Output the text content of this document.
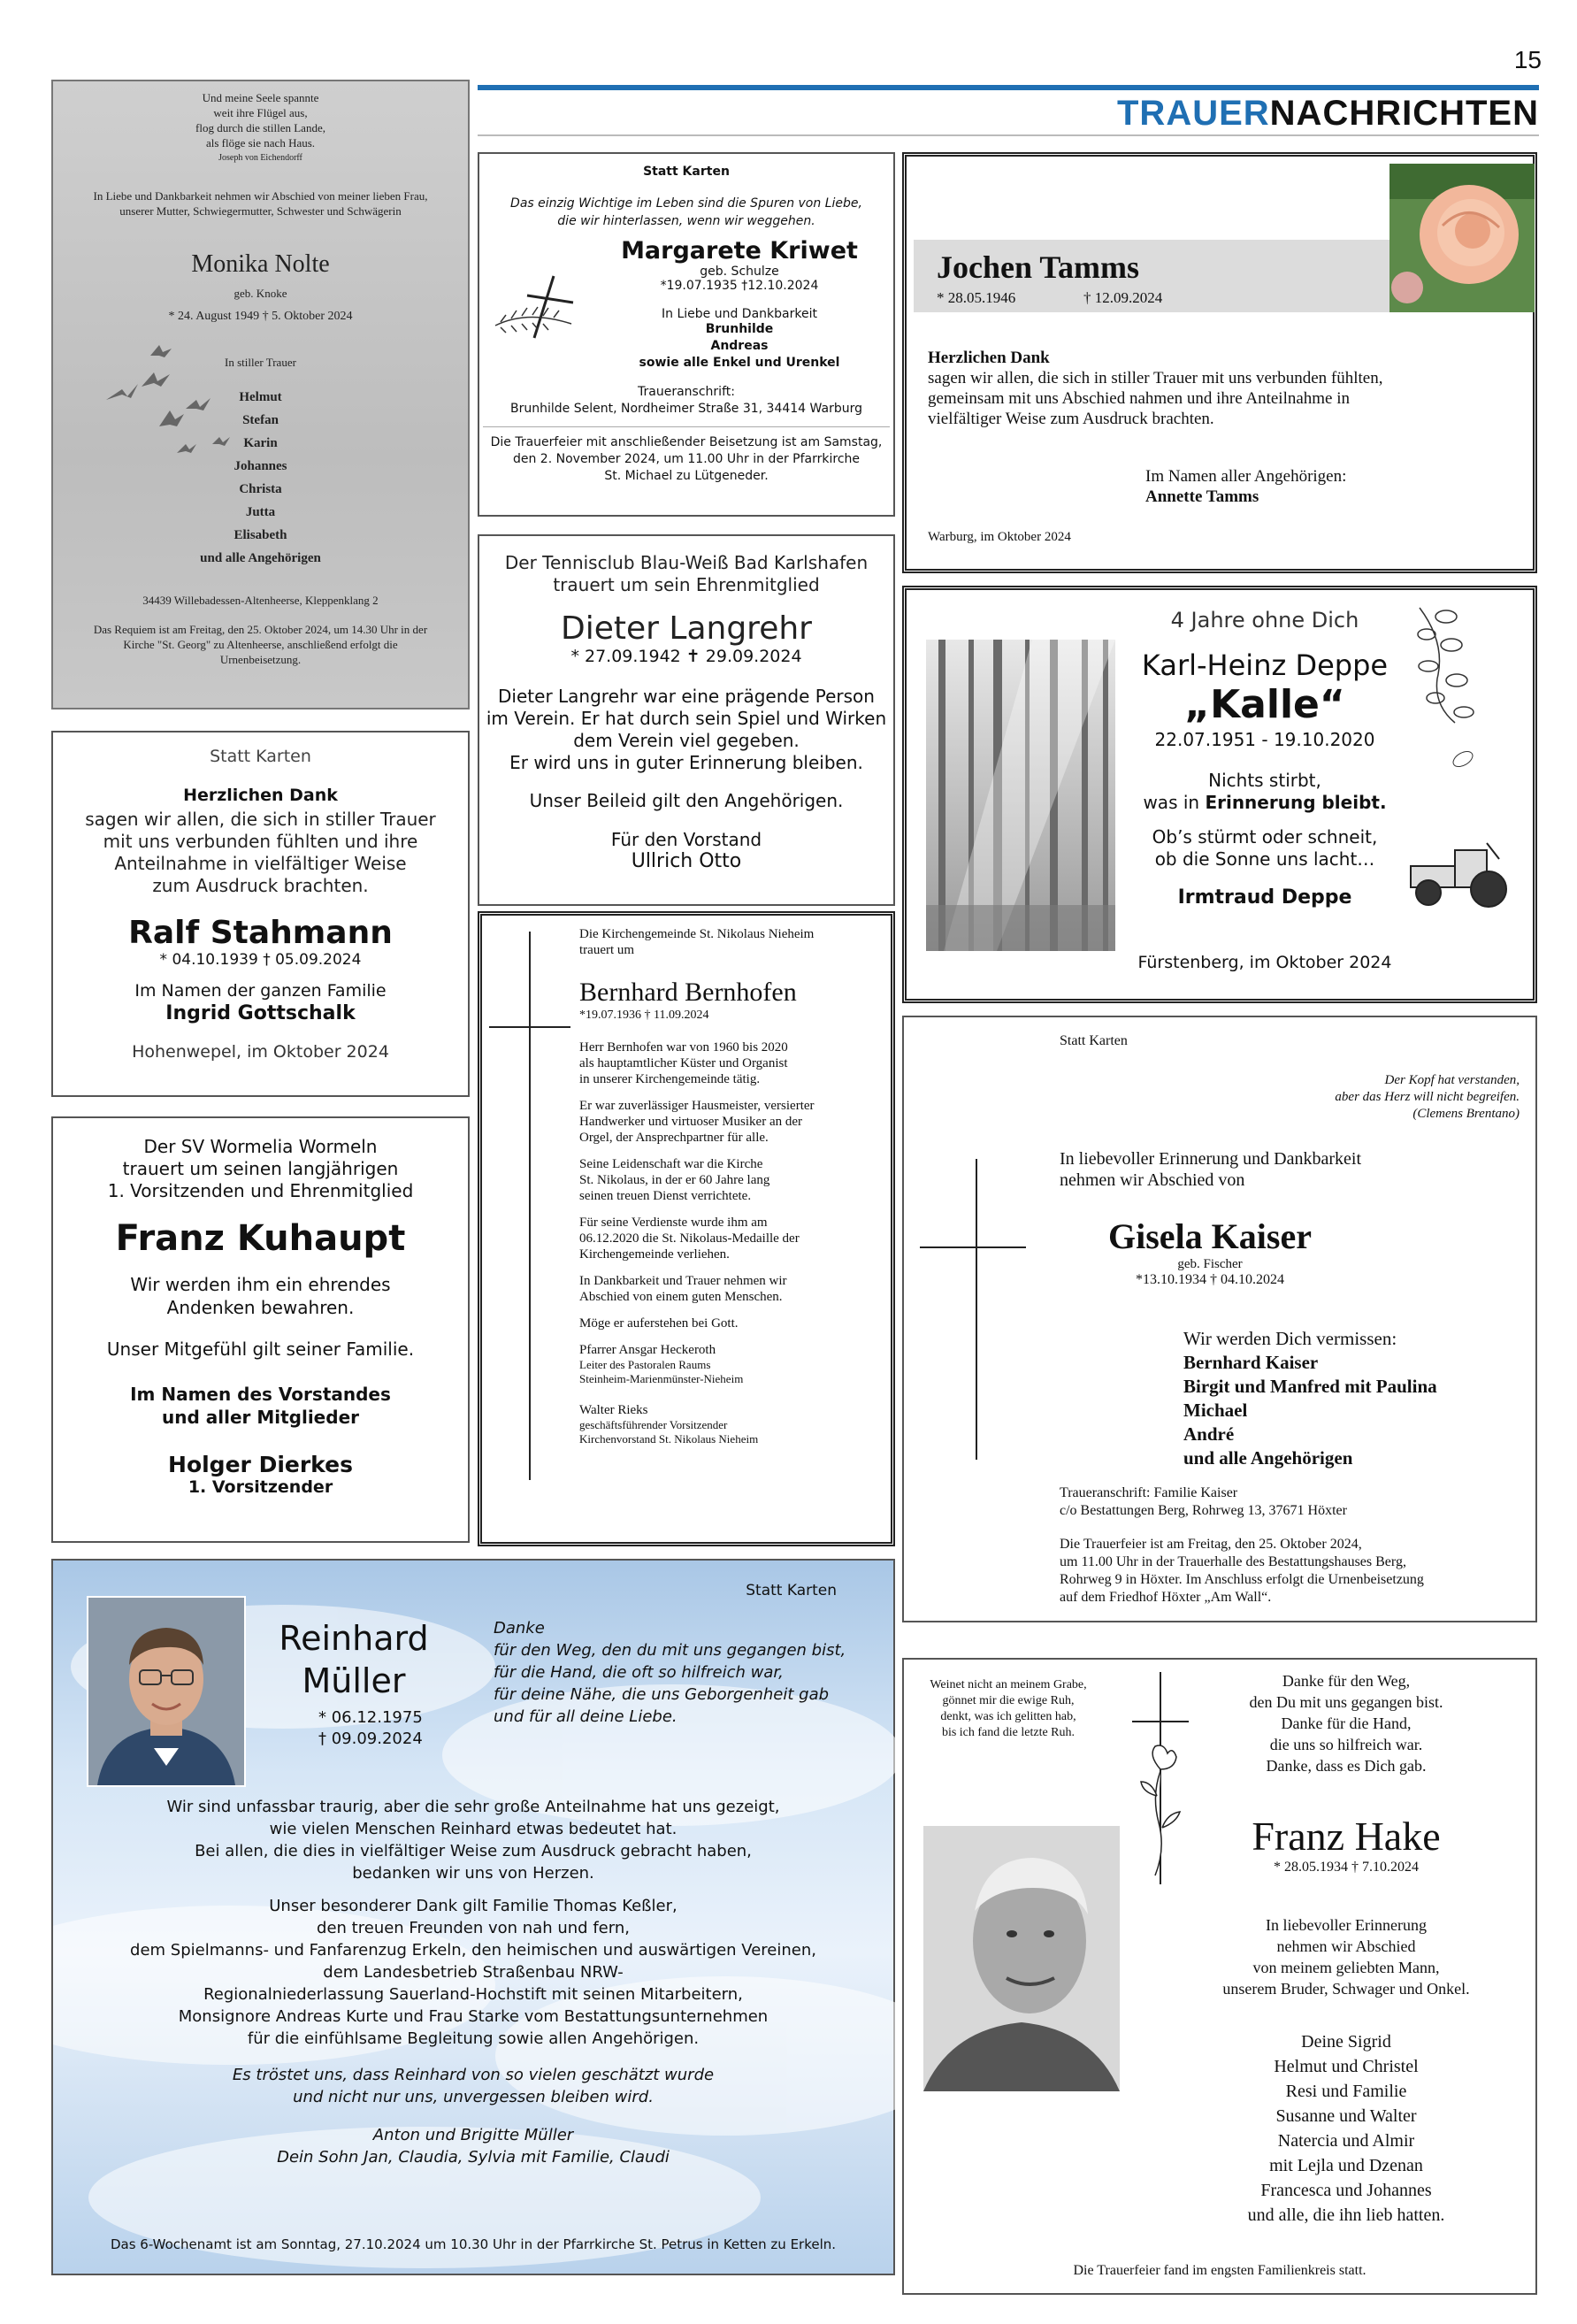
15
TRAUERNACHRICHTEN
Und meine Seele spannte
weit ihre Flügel aus,
flog durch die stillen Lande,
als flöge sie nach Haus.
Joseph von Eichendorff
In Liebe und Dankbarkeit nehmen wir Abschied von meiner lieben Frau,
unserer Mutter, Schwiegermutter, Schwester und Schwägerin
Monika Nolte
geb. Knoke
* 24. August 1949 † 5. Oktober 2024
In stiller Trauer
Helmut
Stefan
Karin
Johannes
Christa
Jutta
Elisabeth
und alle Angehörigen
34439 Willebadessen-Altenheerse, Kleppenklang 2
Das Requiem ist am Freitag, den 25. Oktober 2024, um 14.30 Uhr in der
Kirche "St. Georg" zu Altenheerse, anschließend erfolgt die
Urnenbeisetzung.
Statt Karten
Herzlichen Dank
sagen wir allen, die sich in stiller Trauer
mit uns verbunden fühlten und ihre
Anteilnahme in vielfältiger Weise
zum Ausdruck brachten.
Ralf Stahmann
* 04.10.1939 † 05.09.2024
Im Namen der ganzen Familie
Ingrid Gottschalk
Hohenwepel, im Oktober 2024
Der SV Wormelia Wormeln
trauert um seinen langjährigen
1. Vorsitzenden und Ehrenmitglied
Franz Kuhaupt
Wir werden ihm ein ehrendes
Andenken bewahren.
Unser Mitgefühl gilt seiner Familie.
Im Namen des Vorstandes
und aller Mitglieder
Holger Dierkes
1. Vorsitzender
Statt Karten
Das einzig Wichtige im Leben sind die Spuren von Liebe,
die wir hinterlassen, wenn wir weggehen.
Margarete Kriwet
geb. Schulze
*19.07.1935 †12.10.2024
In Liebe und Dankbarkeit
Brunhilde
Andreas
sowie alle Enkel und Urenkel
Traueranschrift:
Brunhilde Selent, Nordheimer Straße 31, 34414 Warburg
Die Trauerfeier mit anschließender Beisetzung ist am Samstag,
den 2. November 2024, um 11.00 Uhr in der Pfarrkirche
St. Michael zu Lütgeneder.
Der Tennisclub Blau-Weiß Bad Karlshafen
trauert um sein Ehrenmitglied
Dieter Langrehr
* 27.09.1942 ✝ 29.09.2024
Dieter Langrehr war eine prägende Person
im Verein. Er hat durch sein Spiel und Wirken
dem Verein viel gegeben.
Er wird uns in guter Erinnerung bleiben.
Unser Beileid gilt den Angehörigen.
Für den Vorstand
Ullrich Otto
Die Kirchengemeinde St. Nikolaus Nieheim
trauert um
Bernhard Bernhofen
*19.07.1936 † 11.09.2024
Herr Bernhofen war von 1960 bis 2020
als hauptamtlicher Küster und Organist
in unserer Kirchengemeinde tätig.
Er war zuverlässiger Hausmeister, versierter
Handwerker und virtuoser Musiker an der
Orgel, der Ansprechpartner für alle.
Seine Leidenschaft war die Kirche
St. Nikolaus, in der er 60 Jahre lang
seinen treuen Dienst verrichtete.
Für seine Verdienste wurde ihm am
06.12.2020 die St. Nikolaus-Medaille der
Kirchengemeinde verliehen.
In Dankbarkeit und Trauer nehmen wir
Abschied von einem guten Menschen.
Möge er auferstehen bei Gott.
Pfarrer Ansgar Heckeroth
Leiter des Pastoralen Raums
Steinheim-Marienmünster-Nieheim
Walter Rieks
geschäftsführender Vorsitzender
Kirchenvorstand St. Nikolaus Nieheim
Jochen Tamms
* 28.05.1946	† 12.09.2024
Herzlichen Dank
sagen wir allen, die sich in stiller Trauer mit uns verbunden fühlten,
gemeinsam mit uns Abschied nahmen und ihre Anteilnahme in
vielfältiger Weise zum Ausdruck brachten.
Im Namen aller Angehörigen:
Annette Tamms
Warburg, im Oktober 2024
4 Jahre ohne Dich
Karl-Heinz Deppe
„Kalle“
22.07.1951 - 19.10.2020
Nichts stirbt,
was in Erinnerung bleibt.
Ob’s stürmt oder schneit,
ob die Sonne uns lacht…
Irmtraud Deppe
Fürstenberg, im Oktober 2024
Statt Karten
Der Kopf hat verstanden,
aber das Herz will nicht begreifen.
(Clemens Brentano)
In liebevoller Erinnerung und Dankbarkeit
nehmen wir Abschied von
Gisela Kaiser
geb. Fischer
*13.10.1934 † 04.10.2024
Wir werden Dich vermissen:
Bernhard Kaiser
Birgit und Manfred mit Paulina
Michael
André
und alle Angehörigen
Traueranschrift: Familie Kaiser
c/o Bestattungen Berg, Rohrweg 13, 37671 Höxter
Die Trauerfeier ist am Freitag, den 25. Oktober 2024,
um 11.00 Uhr in der Trauerhalle des Bestattungshauses Berg,
Rohrweg 9 in Höxter. Im Anschluss erfolgt die Urnenbeisetzung
auf dem Friedhof Höxter „Am Wall“.
Statt Karten
Reinhard
Müller
* 06.12.1975
† 09.09.2024
Danke
für den Weg, den du mit uns gegangen bist,
für die Hand, die oft so hilfreich war,
für deine Nähe, die uns Geborgenheit gab
und für all deine Liebe.
Wir sind unfassbar traurig, aber die sehr große Anteilnahme hat uns gezeigt,
wie vielen Menschen Reinhard etwas bedeutet hat.
Bei allen, die dies in vielfältiger Weise zum Ausdruck gebracht haben,
bedanken wir uns von Herzen.
Unser besonderer Dank gilt Familie Thomas Keßler,
den treuen Freunden von nah und fern,
dem Spielmanns- und Fanfarenzug Erkeln, den heimischen und auswärtigen Vereinen,
dem Landesbetrieb Straßenbau NRW-
Regionalniederlassung Sauerland-Hochstift mit seinen Mitarbeitern,
Monsignore Andreas Kurte und Frau Starke vom Bestattungsunternehmen
für die einfühlsame Begleitung sowie allen Angehörigen.
Es tröstet uns, dass Reinhard von so vielen geschätzt wurde
und nicht nur uns, unvergessen bleiben wird.
Anton und Brigitte Müller
Dein Sohn Jan, Claudia, Sylvia mit Familie, Claudi
Das 6-Wochenamt ist am Sonntag, 27.10.2024 um 10.30 Uhr in der Pfarrkirche St. Petrus in Ketten zu Erkeln.
Weinet nicht an meinem Grabe,
gönnet mir die ewige Ruh,
denkt, was ich gelitten hab,
bis ich fand die letzte Ruh.
Danke für den Weg,
den Du mit uns gegangen bist.
Danke für die Hand,
die uns so hilfreich war.
Danke, dass es Dich gab.
Franz Hake
* 28.05.1934 † 7.10.2024
In liebevoller Erinnerung
nehmen wir Abschied
von meinem geliebten Mann,
unserem Bruder, Schwager und Onkel.
Deine Sigrid
Helmut und Christel
Resi und Familie
Susanne und Walter
Natercia und Almir
mit Lejla und Dzenan
Francesca und Johannes
und alle, die ihn lieb hatten.
Die Trauerfeier fand im engsten Familienkreis statt.
